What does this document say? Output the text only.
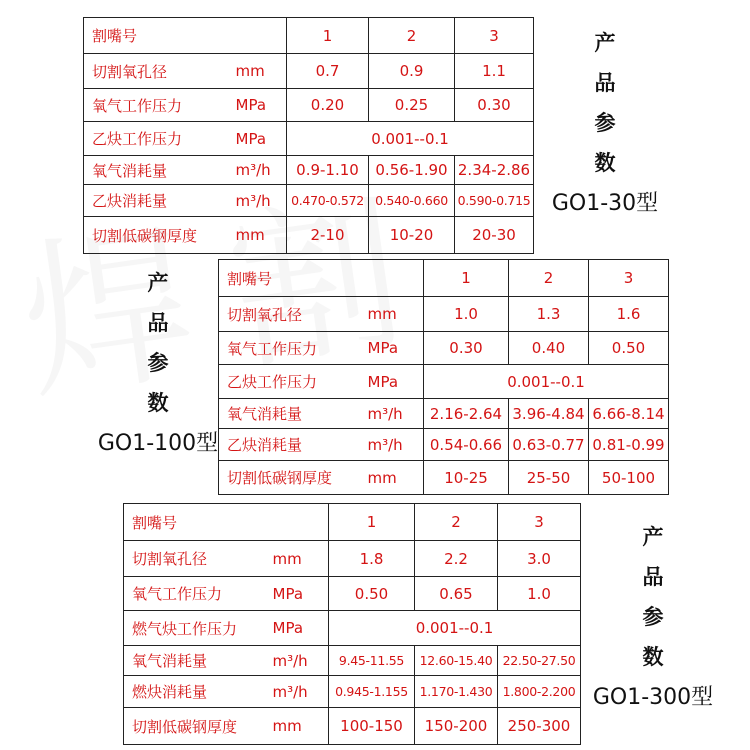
割嘴号		1	2	3
切割氧孔径	mm	0.7	0.9	1.1
氧气工作压力	MPa	0.20	0.25	0.30
乙炔工作压力	MPa	0.001--0.1		
氧气消耗量	m³/h	0.9-1.10	0.56-1.90	2.34-2.86
乙炔消耗量	m³/h	0.470-0.572	0.540-0.660	0.590-0.715
切割低碳钢厚度	mm	2-10	10-20	20-30
产
品
参
数
GO1-30型
割嘴号		1	2	3
切割氧孔径	mm	1.0	1.3	1.6
氧气工作压力	MPa	0.30	0.40	0.50
乙炔工作压力	MPa	0.001--0.1		
氧气消耗量	m³/h	2.16-2.64	3.96-4.84	6.66-8.14
乙炔消耗量	m³/h	0.54-0.66	0.63-0.77	0.81-0.99
切割低碳钢厚度	mm	10-25	25-50	50-100
产
品
参
数
GO1-100型
割嘴号		1	2	3
切割氧孔径	mm	1.8	2.2	3.0
氧气工作压力	MPa	0.50	0.65	1.0
燃气炔工作压力	MPa	0.001--0.1		
氧气消耗量	m³/h	9.45-11.55	12.60-15.40	22.50-27.50
燃炔消耗量	m³/h	0.945-1.155	1.170-1.430	1.800-2.200
切割低碳钢厚度	mm	100-150	150-200	250-300
产
品
参
数
GO1-300型
